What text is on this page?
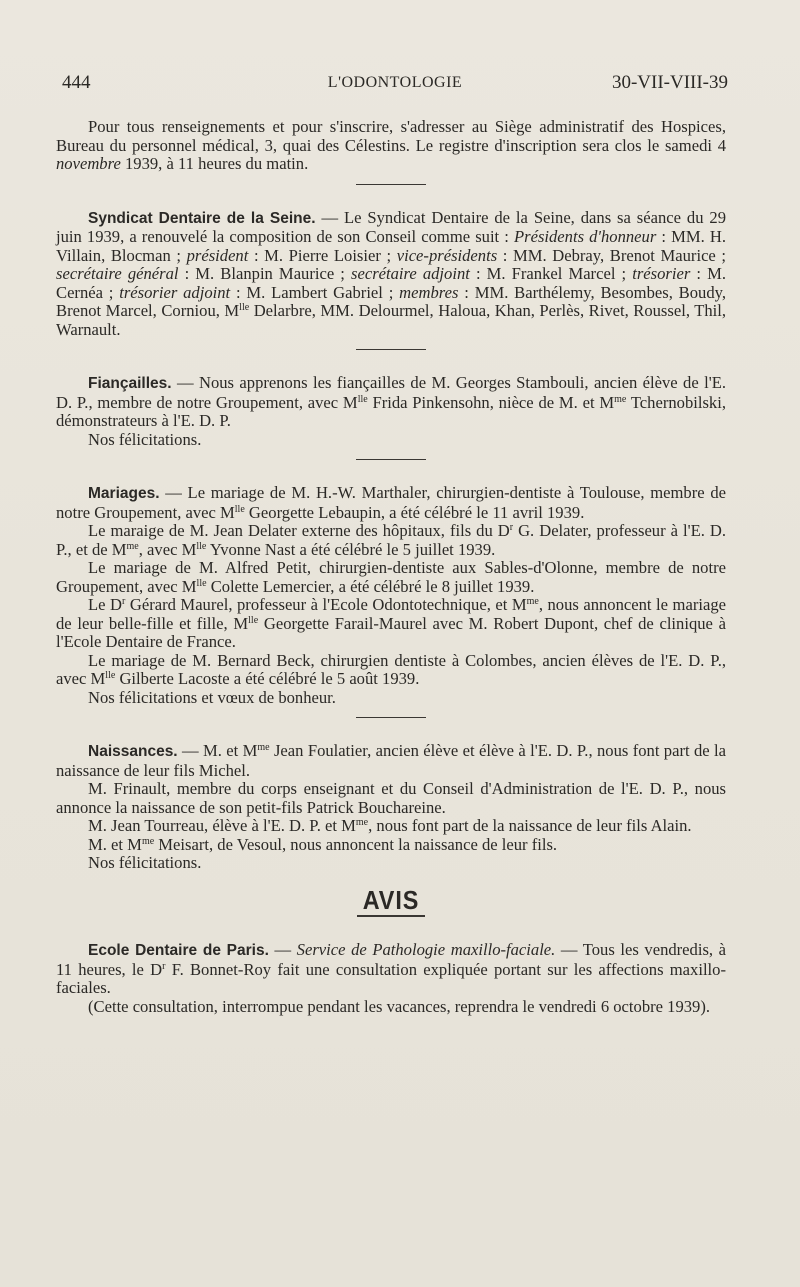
444	L'ODONTOLOGIE	30-VII-VIII-39

Pour tous renseignements et pour s'inscrire, s'adresser au Siège administratif des Hospices, Bureau du personnel médical, 3, quai des Célestins. Le registre d'inscription sera clos le samedi 4 novembre 1939, à 11 heures du matin.

Syndicat Dentaire de la Seine. — Le Syndicat Dentaire de la Seine, dans sa séance du 29 juin 1939, a renouvelé la composition de son Conseil comme suit : Présidents d'honneur : MM. H. Villain, Blocman ; président : M. Pierre Loisier ; vice-présidents : MM. Debray, Brenot Maurice ; secrétaire général : M. Blanpin Maurice ; secrétaire adjoint : M. Frankel Marcel ; trésorier : M. Cernéa ; trésorier adjoint : M. Lambert Gabriel ; membres : MM. Barthélemy, Besombes, Boudy, Brenot Marcel, Corniou, $M^{lle}$ Delarbre, MM. Delourmel, Haloua, Khan, Perlès, Rivet, Roussel, Thil, Warnault.

Fiançailles. — Nous apprenons les fiançailles de M. Georges Stambouli, ancien élève de l'E. D. P., membre de notre Groupement, avec $M^{lle}$ Frida Pinkensohn, nièce de M. et $M^{me}$ Tchernobilski, démonstrateurs à l'E. D. P.

Nos félicitations.

Mariages. — Le mariage de M. H.-W. Marthaler, chirurgien-dentiste à Toulouse, membre de notre Groupement, avec $M^{lle}$ Georgette Lebaupin, a été célébré le 11 avril 1939.

Le maraige de M. Jean Delater externe des hôpitaux, fils du $D^r$ G. Delater, professeur à l'E. D. P., et de $M^{me}$, avec $M^{lle}$ Yvonne Nast a été célébré le 5 juillet 1939.

Le mariage de M. Alfred Petit, chirurgien-dentiste aux Sables-d'Olonne, membre de notre Groupement, avec $M^{lle}$ Colette Lemercier, a été célébré le 8 juillet 1939.

Le $D^r$ Gérard Maurel, professeur à l'Ecole Odontotechnique, et $M^{me}$, nous annoncent le mariage de leur belle-fille et fille, $M^{lle}$ Georgette Farail-Maurel avec M. Robert Dupont, chef de clinique à l'Ecole Dentaire de France.

Le mariage de M. Bernard Beck, chirurgien dentiste à Colombes, ancien élèves de l'E. D. P., avec $M^{lle}$ Gilberte Lacoste a été célébré le 5 août 1939.

Nos félicitations et vœux de bonheur.

Naissances. — M. et $M^{me}$ Jean Foulatier, ancien élève et élève à l'E. D. P., nous font part de la naissance de leur fils Michel.

M. Frinault, membre du corps enseignant et du Conseil d'Administration de l'E. D. P., nous annonce la naissance de son petit-fils Patrick Bouchareine.

M. Jean Tourreau, élève à l'E. D. P. et $M^{me}$, nous font part de la naissance de leur fils Alain.

M. et $M^{me}$ Meisart, de Vesoul, nous annoncent la naissance de leur fils.

Nos félicitations.

AVIS

Ecole Dentaire de Paris. — Service de Pathologie maxillo-faciale. — Tous les vendredis, à 11 heures, le $D^r$ F. Bonnet-Roy fait une consultation expliquée portant sur les affections maxillo-faciales.

(Cette consultation, interrompue pendant les vacances, reprendra le vendredi 6 octobre 1939).
